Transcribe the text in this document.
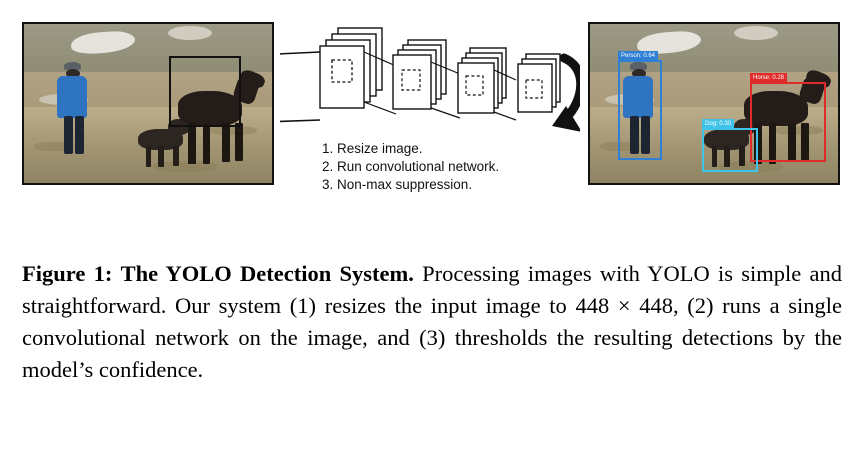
1. Resize image.
2. Run convolutional network.
3. Non-max suppression.
Person: 0.64
Horse: 0.28
Dog: 0.30
Figure 1: The YOLO Detection System. Processing images with YOLO is simple and straightforward. Our system (1) resizes the input image to 448 × 448, (2) runs a single convolutional network on the image, and (3) thresholds the resulting detections by the model’s confidence.
